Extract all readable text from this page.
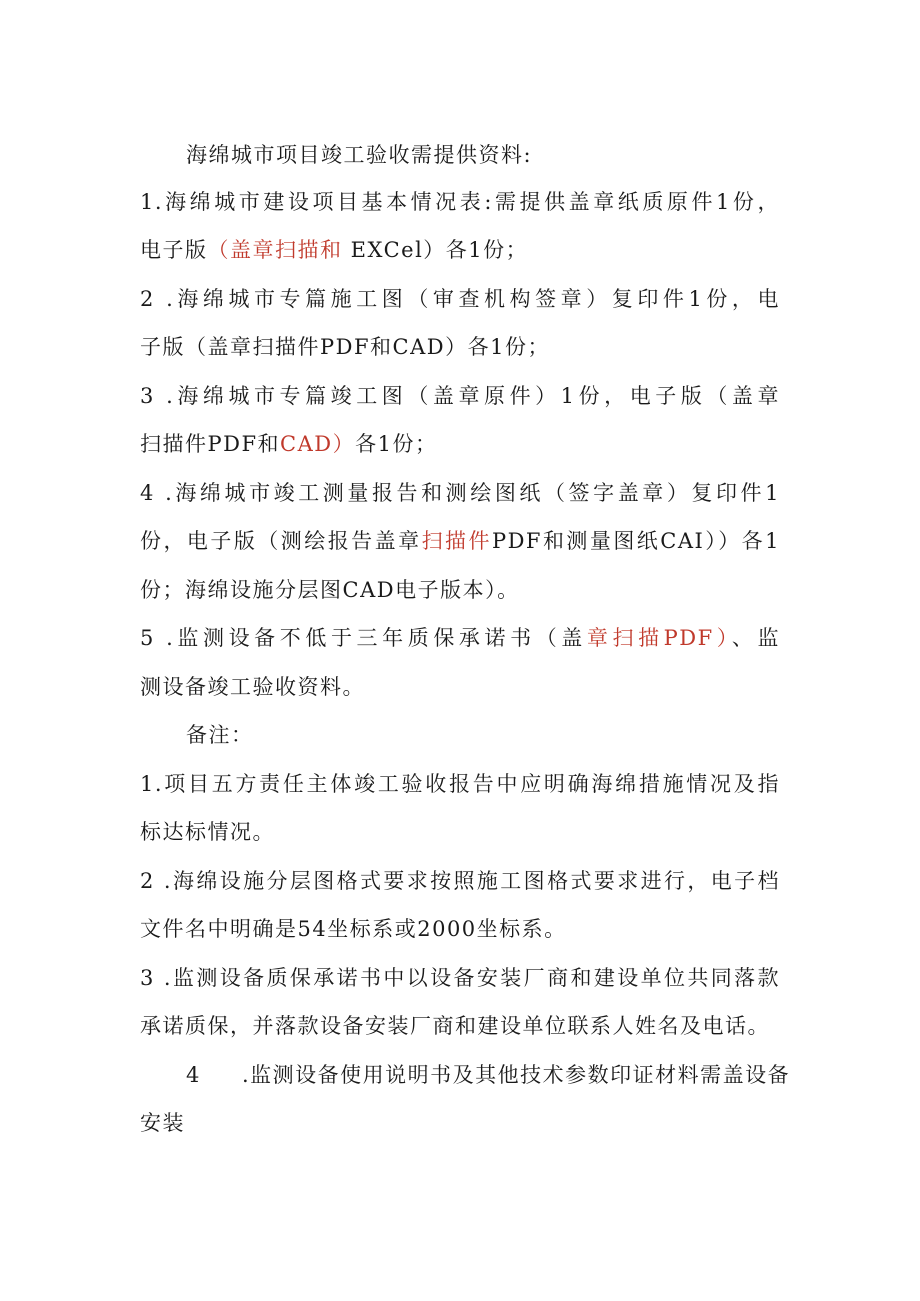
海绵城市项目竣工验收需提供资料:
1.海绵城市建设项目基本情况表:需提供盖章纸质原件1份，
电子版（盖章扫描和 EXCel）各1份；
2 .海绵城市专篇施工图（审查机构签章）复印件1份，电
子版（盖章扫描件PDF和CAD）各1份；
3 .海绵城市专篇竣工图（盖章原件）1份，电子版（盖章
扫描件PDF和CAD）各1份；
4 .海绵城市竣工测量报告和测绘图纸（签字盖章）复印件1
份，电子版（测绘报告盖章扫描件PDF和测量图纸CAI））各1
份；海绵设施分层图CAD电子版本）。
5 .监测设备不低于三年质保承诺书（盖章扫描PDF）、监
测设备竣工验收资料。
备注：
1.项目五方责任主体竣工验收报告中应明确海绵措施情况及指
标达标情况。
2 .海绵设施分层图格式要求按照施工图格式要求进行，电子档
文件名中明确是54坐标系或2000坐标系。
3 .监测设备质保承诺书中以设备安装厂商和建设单位共同落款
承诺质保，并落款设备安装厂商和建设单位联系人姓名及电话。
4 .监测设备使用说明书及其他技术参数印证材料需盖设备
安装
